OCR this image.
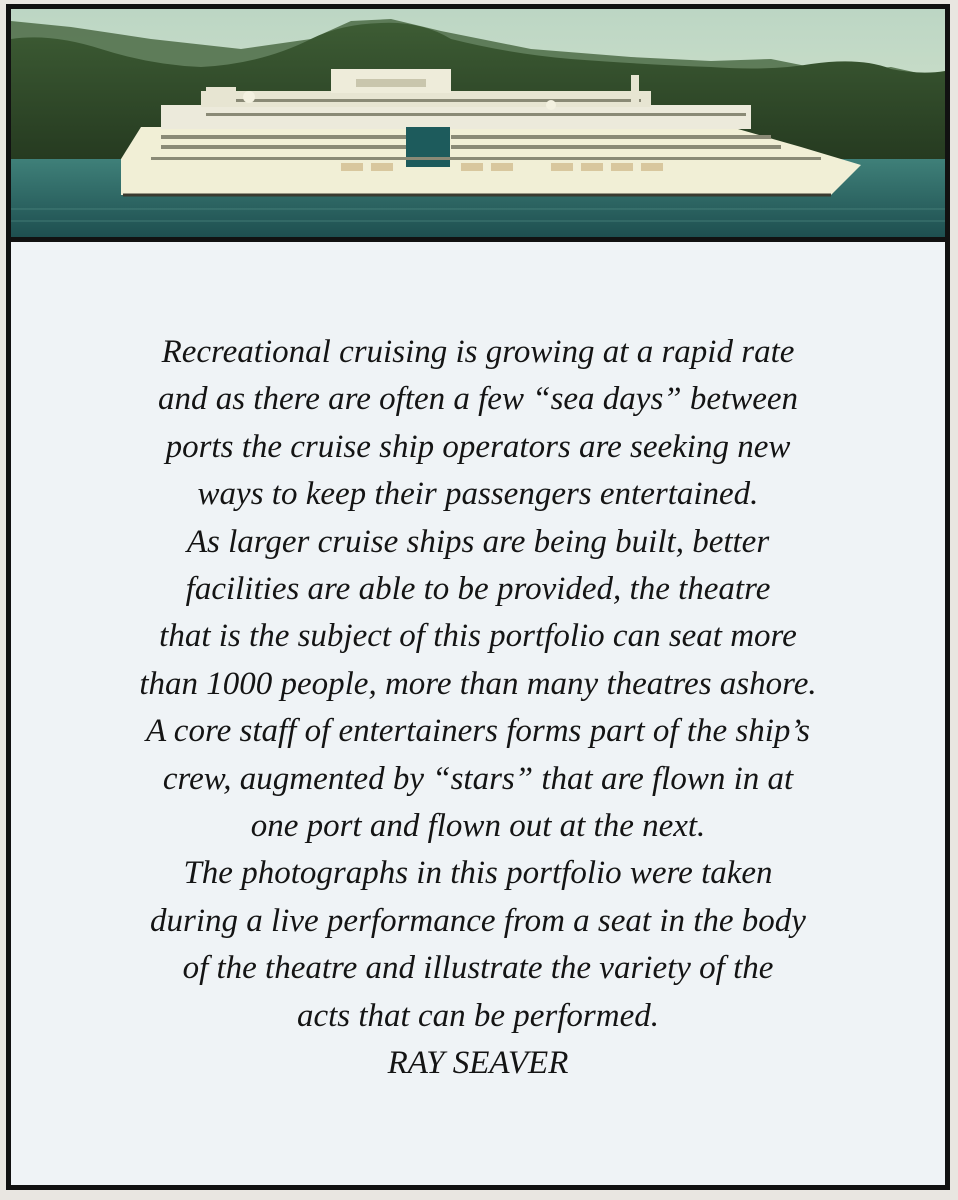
Recreational cruising is growing at a rapid rate
and as there are often a few “sea days” between
ports the cruise ship operators are seeking new
ways to keep their passengers entertained.
As larger cruise ships are being built, better
facilities are able to be provided, the theatre
that is the subject of this portfolio can seat more
than 1000 people, more than many theatres ashore.
A core staff of entertainers forms part of the ship’s
crew, augmented by “stars” that are flown in at
one port and flown out at the next.
The photographs in this portfolio were taken
during a live performance from a seat in the body
of the theatre and illustrate the variety of the
acts that can be performed.
RAY SEAVER
